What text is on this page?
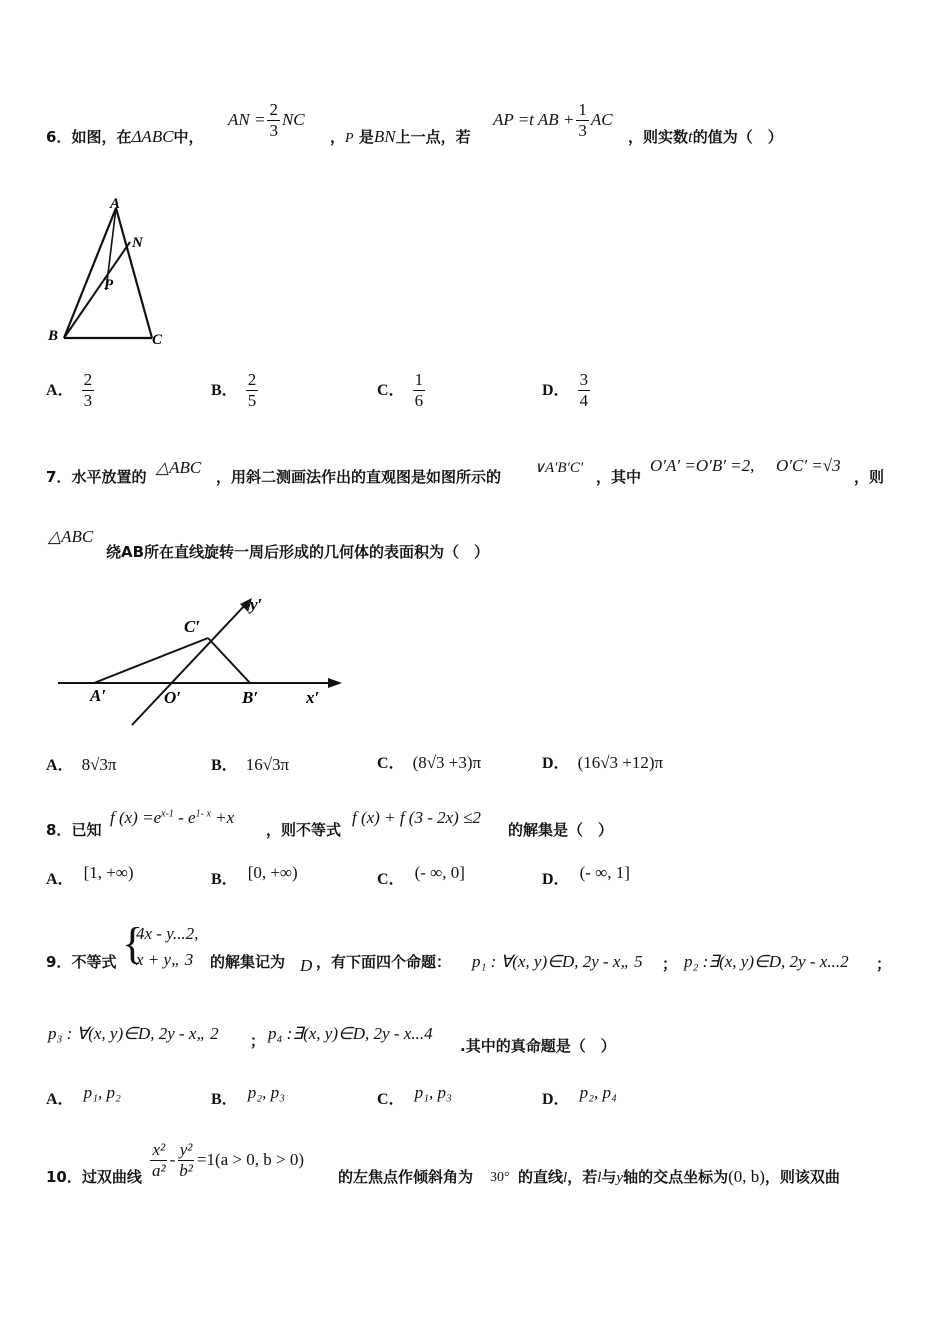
6．如图，在ΔABC中，
AN = $\frac{2}{3}$ NC
，P 是BN上一点，若
AP =t AB + $\frac{1}{3}$ AC
，则实数t的值为（　）
A
N
P
B	C
A． $\frac{2}{3}$	B． $\frac{2}{5}$	C． $\frac{1}{6}$	D． $\frac{3}{4}$
7．水平放置的 △ABC ，用斜二测画法作出的直观图是如图所示的 ∨A′B′C′ ，其中
O′A′ =O′B′ =2, O′C′ =√3
，则
△ABC
绕AB所在直线旋转一周后形成的几何体的表面积为（　）
C′
y′
A′	O′	B′	x′
A． 8√3π	B． 16√3π	C． (8√3 +3)π	D． (16√3 +12)π
8．已知
f $(x) =e^{x-1} - e^{1- x} +x$
，则不等式
f (x) + f (3 - 2x) ≤2
的解集是（　）
A． [1, +∞)	B． [0, +∞)	C． (- ∞, 0]	D． (- ∞, 1]
9．不等式 {
4x - y...2,
x + y„ 3 的解集记为 D ，有下面四个命题： p₁ : ∀(x, y)∈D, 2y - x„ 5 ； p₂ :∃(x, y)∈D, 2y - x...2 ；
p₃ : ∀(x, y)∈D, 2y - x„ 2 ； p₄ :∃(x, y)∈D, 2y - x...4
.其中的真命题是（　）
A． p₁, p₂	B． p₂, p₃	C． p₁, p₃	D． p₂, p₄
10．过双曲线 $\frac{\text{x²}}{\text{a²}} - \frac{\text{y²}}{\text{b²}} =1(a > 0$, b > 0)
的左焦点作倾斜角为 30° 的直线l，若l与y轴的交点坐标为(0, b)，则该双曲
